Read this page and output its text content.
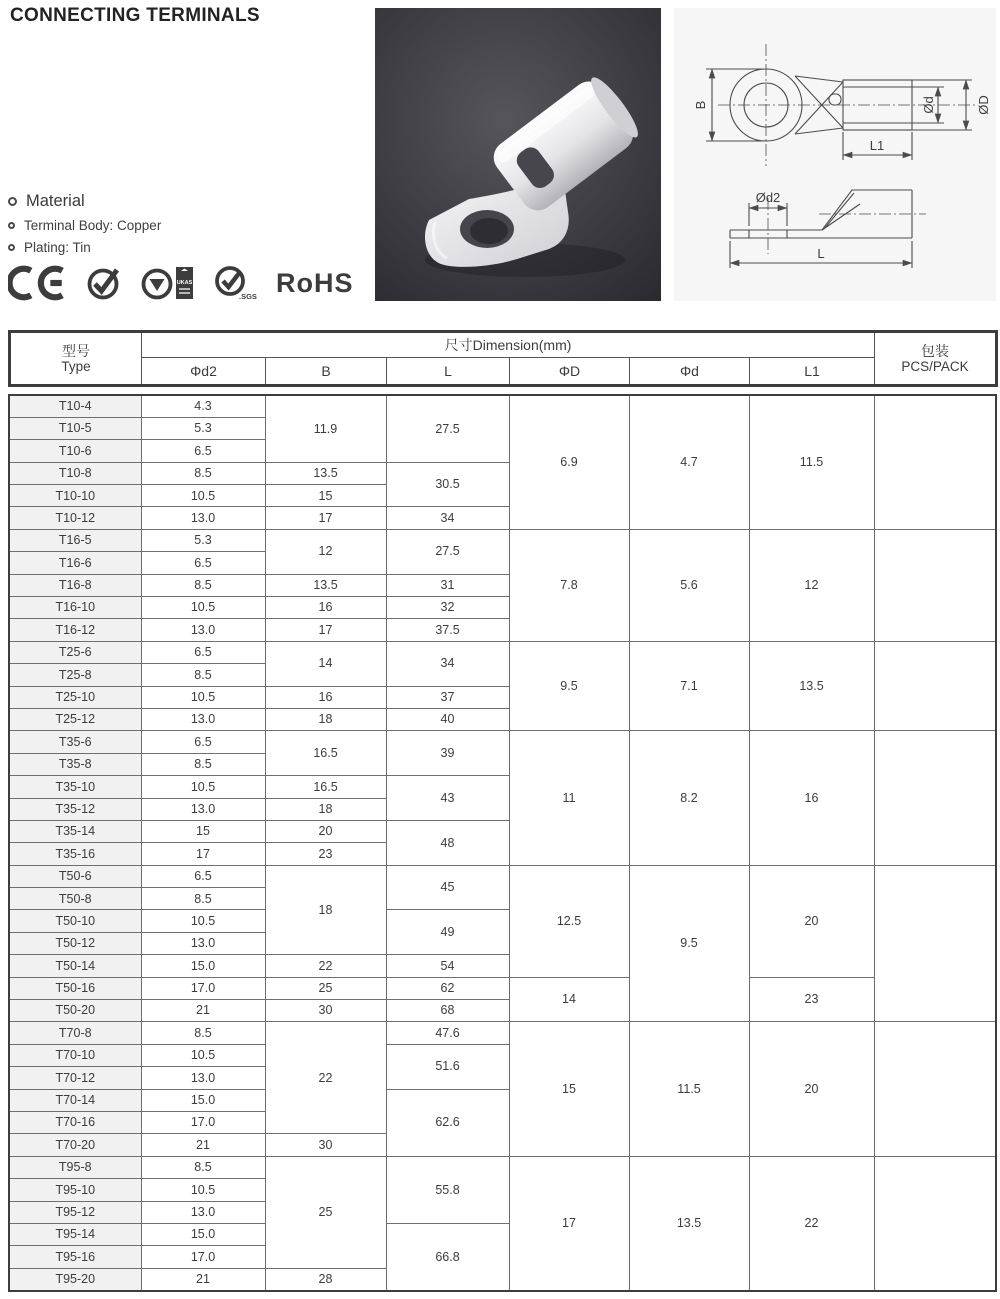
CONNECTING TERMINALS
B	Ød	ØD
L1
Ød2
L
Material
Terminal Body: Copper
Plating: Tin
UKAS
.SGS RoHS
型号
Type
	尺寸Dimension(mm)	包装
PCS/PACK

	Φd2	B	L	ΦD	Φd	L1	
T10-4	4.3	11.9	27.5	6.9	4.7	11.5	
T10-5	5.3						
T10-6	6.5						
T10-8	8.5	13.5	30.5				
T10-10	10.5	15					
T10-12	13.0	17	34				
T16-5	5.3	12	27.5	7.8	5.6	12	
T16-6	6.5						
T16-8	8.5	13.5	31				
T16-10	10.5	16	32				
T16-12	13.0	17	37.5				
T25-6	6.5	14	34	9.5	7.1	13.5	
T25-8	8.5						
T25-10	10.5	16	37				
T25-12	13.0	18	40				
T35-6	6.5	16.5	39	11	8.2	16	
T35-8	8.5						
T35-10	10.5	16.5	43				
T35-12	13.0	18					
T35-14	15	20	48				
T35-16	17	23					
T50-6	6.5	18	45	12.5	9.5	20	
T50-8	8.5						
T50-10	10.5		49				
T50-12	13.0						
T50-14	15.0	22	54				
T50-16	17.0	25	62	14		23	
T50-20	21	30	68				
T70-8	8.5	22	47.6	15	11.5	20	
T70-10	10.5		51.6				
T70-12	13.0						
T70-14	15.0		62.6				
T70-16	17.0						
T70-20	21	30					
T95-8	8.5	25	55.8	17	13.5	22	
T95-10	10.5						
T95-12	13.0						
T95-14	15.0		66.8				
T95-16	17.0						
T95-20	21	28					
